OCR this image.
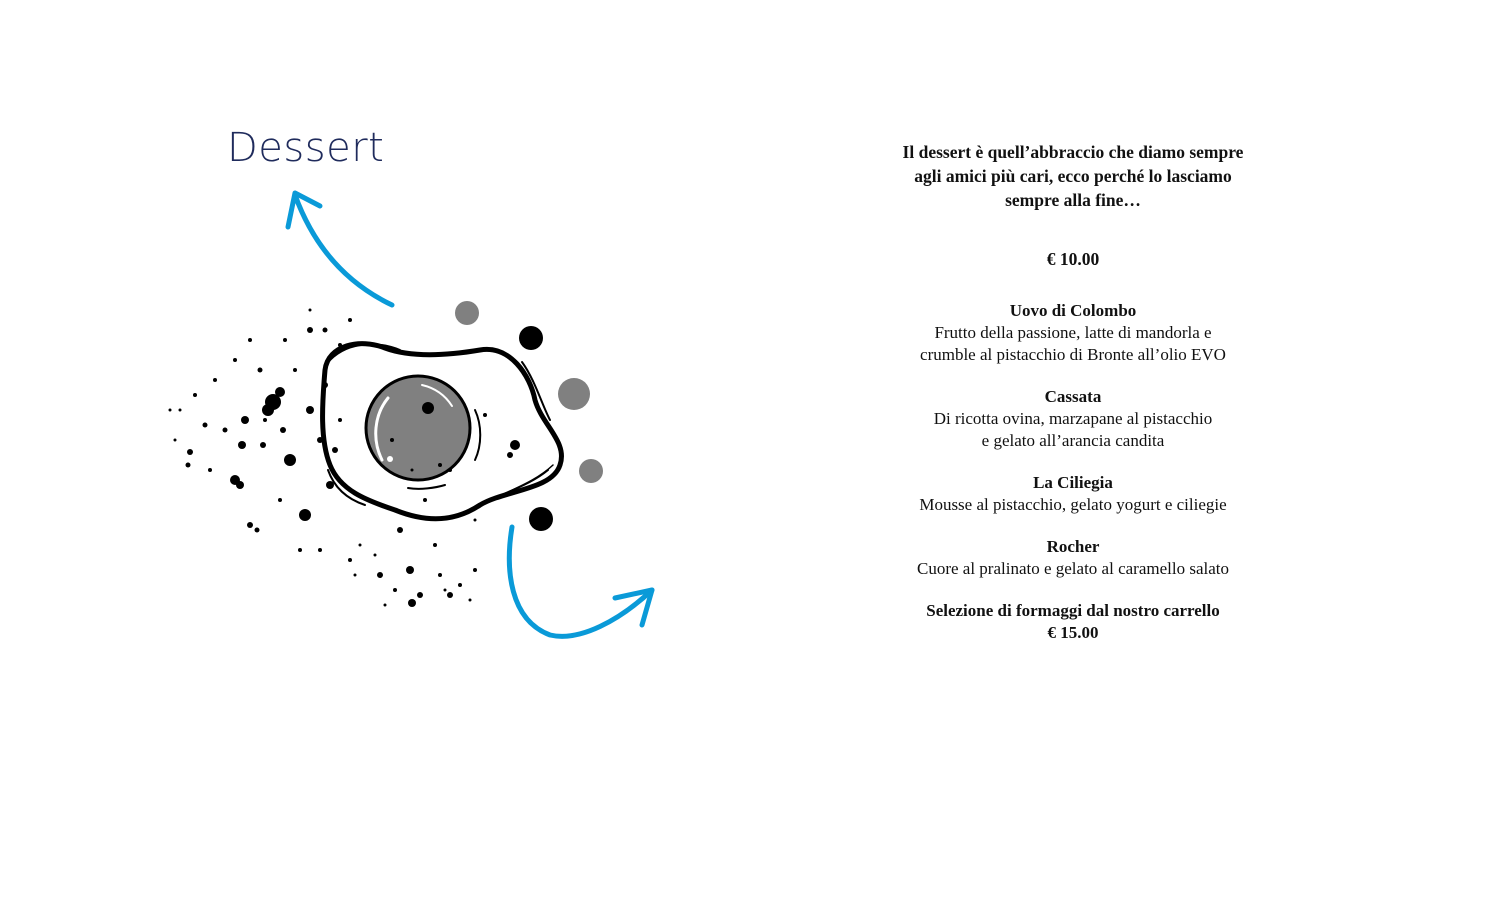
Dessert	Il dessert è quell’abbraccio che diamo sempre
agli amici più cari, ecco perché lo lasciamo
sempre alla fine…

€ 10.00

Uovo di Colombo
Frutto della passione, latte di mandorla e
crumble al pistacchio di Bronte all’olio EVO
Cassata
Di ricotta ovina, marzapane al pistacchio
e gelato all’arancia candita
La Ciliegia
Mousse al pistacchio, gelato yogurt e ciliegie
Rocher
Cuore al pralinato e gelato al caramello salato
Selezione di formaggi dal nostro carrello
€ 15.00
